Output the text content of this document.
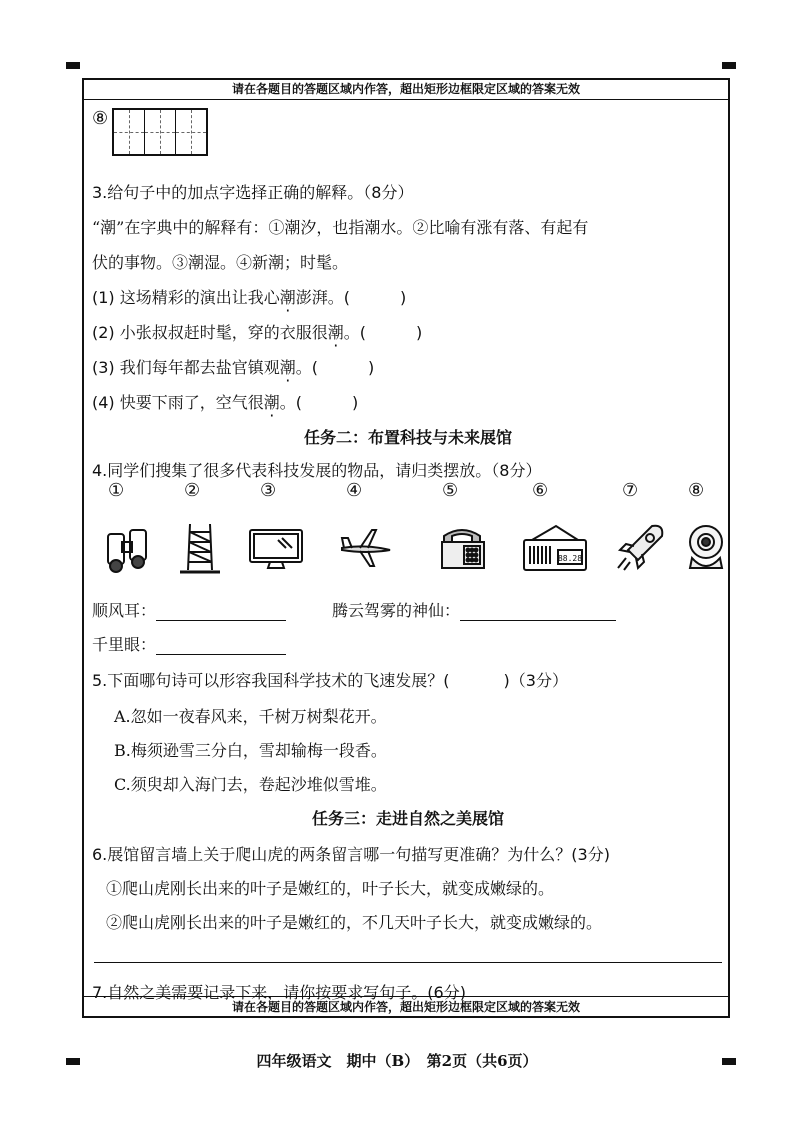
请在各题目的答题区域内作答，超出矩形边框限定区域的答案无效
⑧
3.给句子中的加点字选择正确的解释。（8分）
“潮”在字典中的解释有：①潮汐，也指潮水。②比喻有涨有落、有起有
伏的事物。③潮湿。④新潮；时髦。
(1) 这场精彩的演出让我心潮澎湃。(	)
(2) 小张叔叔赶时髦，穿的衣服很潮。(	)
(3) 我们每年都去盐官镇观潮。(	)
(4) 快要下雨了，空气很潮。(	)
任务二：布置科技与未来展馆
4.同学们搜集了很多代表科技发展的物品，请归类摆放。（8分）
①	②	③	④	⑤	⑥	⑦	⑧
88.28
顺风耳：	腾云驾雾的神仙：
千里眼：
5.下面哪句诗可以形容我国科学技术的飞速发展？(	)（3分）
A.忽如一夜春风来，千树万树梨花开。
B.梅须逊雪三分白，雪却输梅一段香。
C.须臾却入海门去，卷起沙堆似雪堆。
任务三：走进自然之美展馆
6.展馆留言墙上关于爬山虎的两条留言哪一句描写更准确？为什么？(3分)
①爬山虎刚长出来的叶子是嫩红的，叶子长大，就变成嫩绿的。
②爬山虎刚长出来的叶子是嫩红的，不几天叶子长大，就变成嫩绿的。
7.自然之美需要记录下来，请你按要求写句子。(6分)
请在各题目的答题区域内作答，超出矩形边框限定区域的答案无效
四年级语文　期中（B）　第2页（共6页）
